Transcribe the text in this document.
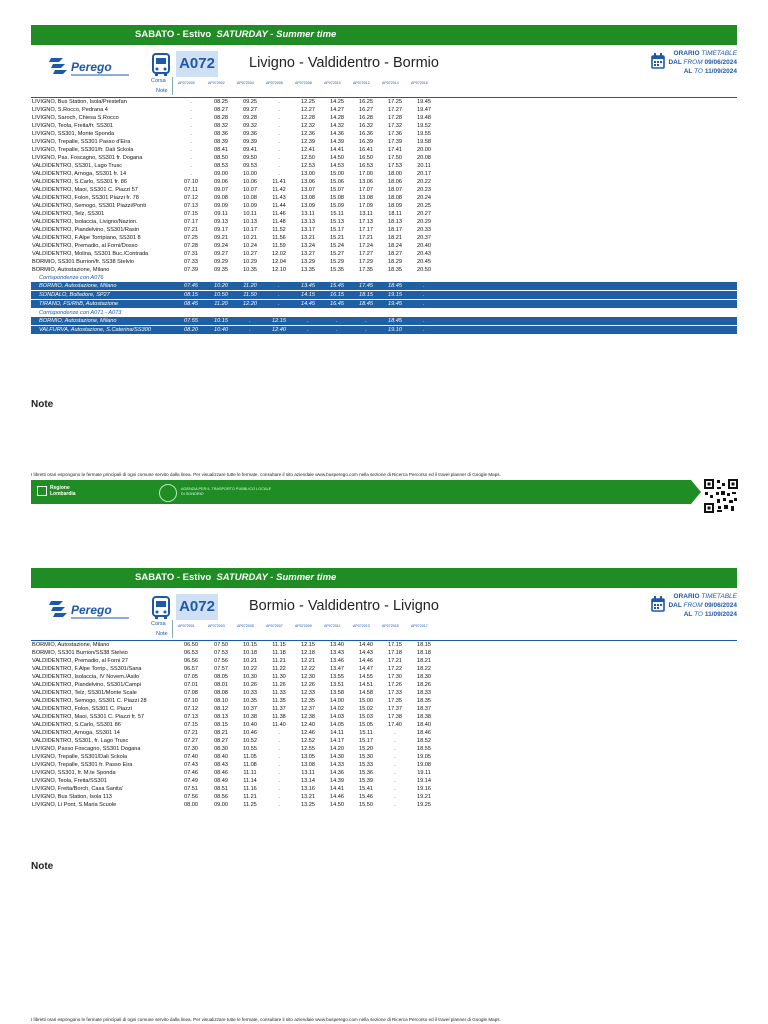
SABATO - Estivo SATURDAY - Summer time
Perego	A072 Livigno - Valdidentro - Bormio
ORARIO TIMETABLE
DAL FROM 09/06/2024
AL TO 11/09/2024
Corsa
Note
AP072000	AP072002	AP072004	AP072006	AP072008	AP072010	AP072012	AP072014	AP072016
LIVIGNO, Bus Station, Isola/Prestefan	.	08.25	09.25	.	12.25	14.25	16.25	17.25	19.45
LIVIGNO, S.Rocco, Pedrana 4	.	08.27	09.27	.	12.27	14.27	16.27	17.27	19.47
LIVIGNO, Saroch, Chiesa S.Rocco	.	08.28	09.28	.	12.28	14.28	16.28	17.28	19.48
LIVIGNO, Teola, Freita/fr. SS301	.	08.32	09.32	.	12.32	14.32	16.32	17.32	19.52
LIVIGNO, SS301, Monte Sponda	.	08.36	09.36	.	12.36	14.36	16.36	17.36	19.55
LIVIGNO, Trepalle, SS301 Passo d'Eira	.	08.39	09.39	.	12.39	14.39	16.39	17.39	19.58
LIVIGNO, Trepalle, SS301/fr. Dali Sckola	.	08.41	09.41	.	12.41	14.41	16.41	17.41	20.00
LIVIGNO, Pas. Foscagno, SS301 fr. Dogana	.	08.50	09.50	.	12.50	14.50	16.50	17.50	20.08
VALDIDENTRO, SS301, Lago Trusc	.	08.53	09.53	.	12.53	14.53	16.53	17.53	20.11
VALDIDENTRO, Arnoga, SS301 fr. 14	.	09.00	10.00	.	13.00	15.00	17.00	18.00	20.17
VALDIDENTRO, S.Carlo, SS301 fr. 86	07.10	09.06	10.06	11.41	13.06	15.06	13.06	18.06	20.22
VALDIDENTRO, Maoi, SS301 C. Piazzi 57	07.11	09.07	10.07	11.42	13.07	15.07	17.07	18.07	20.23
VALDIDENTRO, Folon, SS301 Piazzi fr. 78	07.12	09.08	10.08	11.43	13.08	15.08	13.08	18.08	20.24
VALDIDENTRO, Semogo, SS301 Piazzi/Ponti	07.13	09.09	10.09	11.44	13.09	15.09	17.09	18.09	20.25
VALDIDENTRO, Telz, SS301	07.15	09.11	10.11	11.46	13.11	15.11	13.11	18.11	20.27
VALDIDENTRO, Isolaccia, Livigno/Nazion.	07.17	09.13	10.13	11.48	13.13	15.13	17.13	18.13	20.29
VALDIDENTRO, Piandelvino, SS301/Rasin	07.21	09.17	10.17	11.52	13.17	15.17	17.17	18.17	20.33
VALDIDENTRO, F.Alpe Torripiano, SS301 8	07.25	09.21	10.21	11.56	13.21	15.21	17.21	18.21	20.37
VALDIDENTRO, Premadio, al Forni/Dosso	07.28	09.24	10.24	11.59	13.24	15.24	17.24	18.24	20.40
VALDIDENTRO, Molina, SS301 Buc./Contrada	07.31	09.27	10.27	12.02	13.27	15.27	17.27	18.27	20.43
BORMIO, SS301 Burrion/fr. SS38 Stelvio	07.33	09.29	10.29	12.04	13.29	15.29	17.29	18.29	20.45
BORMIO, Autostazione, Milano	07.39	09.35	10.35	12.10	13.35	15.35	17.35	18.35	20.50
Corrispondenze con A076
BORMIO, Autostazione, Milano	07.45	10.20	11.20	.	13.45	15.45	17.45	18.45	.
SONDALO, Bolladore, SP27	08.15	10.50	11.50	.	14.15	16.15	18.15	19.15	.
TIRANO, FS/RhB, Autostazione	08.45	11.20	12.20	.	14.45	16.45	18.45	19.45	.
Corrispondenze con A071 - A073
BORMIO, Autostazione, Milano	07.55	10.15	.	12.15	.	.	.	18.45	.
VALFURVA, Autostazione, S.Caterina/SS300	08.20	10.40	.	12.40	.	.	.	19.10	.
Note
I libretti orari espongono le fermate principali di ogni comune servito dalla linea. Per visualizzare tutte le fermate, consultare il sito aziendale www.busperego.com nella sezione di Ricerca Percorso ed il travel planner di Google Maps.
Regione
Lombardia
AGENZIA PER IL TRASPORTO PUBBLICO LOCALE
DI SONDRIO
SABATO - Estivo SATURDAY - Summer time
Perego	A072 Bormio - Valdidentro - Livigno
ORARIO TIMETABLE
DAL FROM 09/06/2024
AL TO 11/09/2024
Corsa
Note
AP072001	AP072003	AP072005	AP072007	AP072009	AP072011	AP072013	AP072015	AP072017
BORMIO, Autostazione, Milano	06.50	07.50	10.15	11.15	12.15	13.40	14.40	17.15	18.15
BORMIO, SS301 Burrion/SS38 Stelvio	06.53	07.53	10.18	11.18	12.18	13.43	14.43	17.18	18.18
VALDIDENTRO, Premadio, al Forni 27	06.56	07.56	10.21	11.21	12.21	13.46	14.46	17.21	18.21
VALDIDENTRO, F.Alpe Torrip., SS301/Sana	06.57	07.57	10.22	11.22	12.22	13.47	14.47	17.22	18.22
VALDIDENTRO, Isolaccia, IV Novem./Asilo	07.05	08.05	10.30	11.30	12.30	13.55	14.55	17.30	18.30
VALDIDENTRO, Piandelvino, SS301/Campi	07.01	08.01	10.26	11.26	12.26	13.51	14.51	17.26	18.26
VALDIDENTRO, Telz, SS301/Monte Scale	07.08	08.08	10.33	11.33	12.33	13.58	14.58	17.33	18.33
VALDIDENTRO, Semogo, SS301 C. Piazzi 28	07.10	08.10	10.35	11.35	12.35	14.00	15.00	17.35	18.35
VALDIDENTRO, Folon, SS301 C. Piazzi	07.12	08.12	10.37	11.37	12.37	14.02	15.02	17.37	18.37
VALDIDENTRO, Maoi, SS301 C. Piazzi fr. 57	07.13	08.13	10.38	11.38	12.38	14.03	15.03	17.38	18.38
VALDIDENTRO, S.Carlo, SS301 86	07.15	08.15	10.40	11.40	12.40	14.05	15.05	17.40	18.40
VALDIDENTRO, Arnoga, SS301 14	07.21	08.21	10.46	.	12.46	14.11	15.11	.	18.46
VALDIDENTRO, SS301, fr. Lago Trusc	07.27	08.27	10.52	.	12.52	14.17	15.17	.	18.52
LIVIGNO, Passo Foscagno, SS301 Dogana	07.30	08.30	10.55	.	12.55	14.20	15.20	.	18.55
LIVIGNO, Trepalle, SS301/Dali Sckola	07.40	08.40	11.05	.	13.05	14.30	15.30	.	19.05
LIVIGNO, Trepalle, SS301 fr. Passo Eira	07.43	08.43	11.08	.	13.08	14.33	15.33	.	19.08
LIVIGNO, SS301, fr. M.te Sponda	07.46	08.46	11.11	.	13.11	14.36	15.36	.	19.11
LIVIGNO, Teola, Freita/SS301	07.49	08.49	11.14	.	13.14	14.39	15.39	.	19.14
LIVIGNO, Freita/Borch, Casa Sanita'	07.51	08.51	11.16	.	13.16	14.41	15.41	.	19.16
LIVIGNO, Bus Station, Isola 113	07.56	08.56	11.21	.	13.21	14.46	15.46	.	19.21
LIVIGNO, Li Pont, S.Maria Scuole	08.00	09.00	11.25	.	13.25	14.50	15.50	.	19.25
Note
I libretti orari espongono le fermate principali di ogni comune servito dalla linea. Per visualizzare tutte le fermate, consultare il sito aziendale www.busperego.com nella sezione di Ricerca Percorso ed il travel planner di Google Maps.
